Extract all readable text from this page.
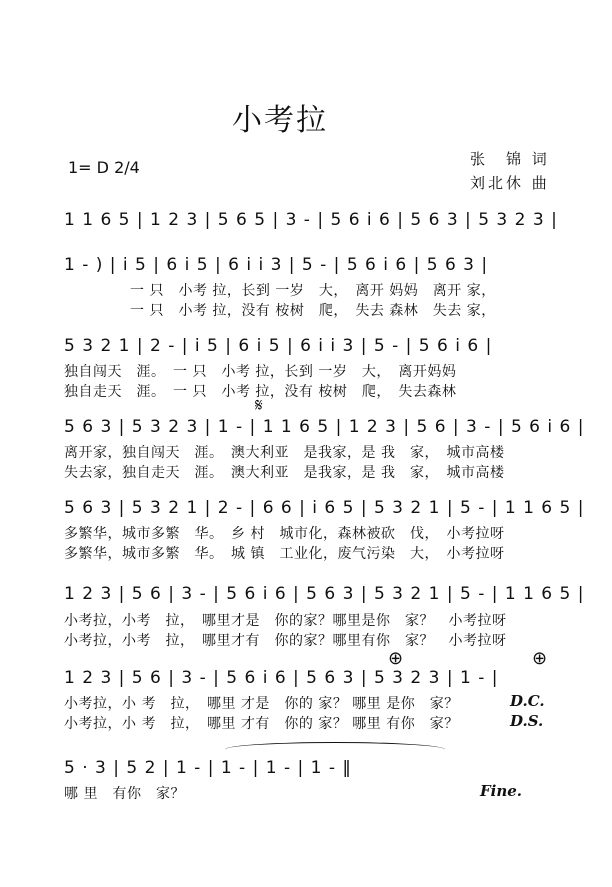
小考拉
1= D 2/4	张　锦 词
刘北休 曲
1 1 6 5 | 1 2 3 | 5 6 5 | 3 - | 5 6 i 6 | 5 6 3 | 5 3 2 3 |
1 - ) | i 5 | 6 i 5 | 6 i i 3 | 5 - | 5 6 i 6 | 5 6 3 |
一 只　小考 拉，长到 一岁　大，　离开 妈妈　离开 家，
一 只　小考 拉，没有 桉树　爬，　失去 森林　失去 家，
5 3 2 1 | 2 - | i 5 | 6 i 5 | 6 i i 3 | 5 - | 5 6 i 6 |
独自闯天　涯。　一 只　小考 拉，长到 一岁　大，　离开妈妈
独自走天　涯。　一 只　小考 拉，没有 桉树　爬，　失去森林
𝄋
5 6 3 | 5 3 2 3 | 1 - | 1 1 6 5 | 1 2 3 | 5 6 | 3 - | 5 6 i 6 |
离开家，独自闯天　涯。　澳大利亚　是我家，是 我　家，　城市高楼
失去家，独自走天　涯。　澳大利亚　是我家，是 我　家，　城市高楼
5 6 3 | 5 3 2 1 | 2 - | 6 6 | i 6 5 | 5 3 2 1 | 5 - | 1 1 6 5 |
多繁华，城市多繁　华。　乡 村　城市化，森林被砍　伐，　小考拉呀
多繁华，城市多繁　华。　城 镇　工业化，废气污染　大，　小考拉呀
1 2 3 | 5 6 | 3 - | 5 6 i 6 | 5 6 3 | 5 3 2 1 | 5 - | 1 1 6 5 |
小考拉，小考　拉，　哪里才是　你的家？哪里是你　家？　小考拉呀
小考拉，小考　拉，　哪里才有　你的家？哪里有你　家？　小考拉呀
1 2 3 | 5 6 | 3 - | 5 6 i 6 | 5 6 3 | 5 3 2 3 | 1 - |
小考拉，小 考　拉，　哪里 才是　你的 家？ 哪里 是你　家？
小考拉，小 考　拉，　哪里 才有　你的 家？ 哪里 有你　家？
D.C.
D.S.
⊕	⊕
5 · 3 | 5 2 | 1 - | 1 - | 1 - | 1 - ‖
哪 里　有你　家？	Fine.
